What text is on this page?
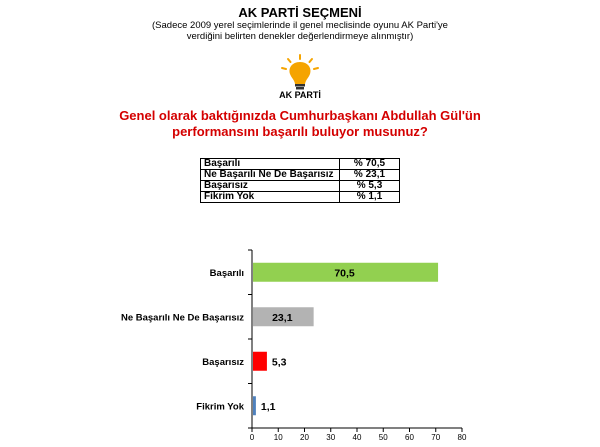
AK PARTİ SEÇMENİ
(Sadece 2009 yerel seçimlerinde il genel meclisinde oyunu AK Parti'ye verdiğini belirten denekler değerlendirmeye alınmıştır)
AK PARTİ
Genel olarak baktığınızda Cumhurbaşkanı Abdullah Gül'ün performansını başarılı buluyor musunuz?
Başarılı	% 70,5
Ne Başarılı Ne De Başarısız	% 23,1
Başarısız	% 5,3
Fikrim Yok	% 1,1
0 10 20 30 40 50 60 70 80
Başarılı	70,5
Ne Başarılı Ne De Başarısız	23,1
Başarısız	5,3
Fikrim Yok 1,1
